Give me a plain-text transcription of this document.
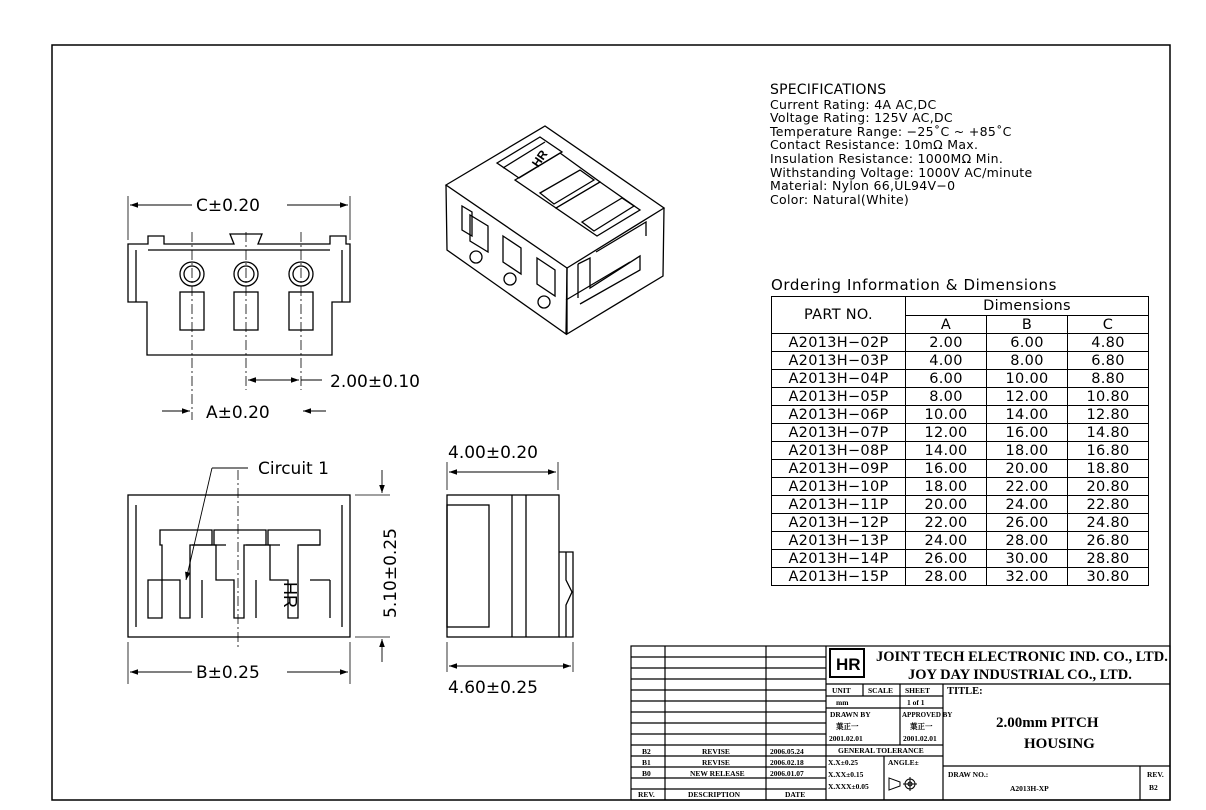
HR
HR
C±0.20
2.00±0.10
A±0.20
Circuit 1
B±0.25
5.10±0.25
4.00±0.20
4.60±0.25
HR JOINT TECH ELECTRONIC IND. CO., LTD.
JOY DAY INDUSTRIAL CO., LTD.
UNIT SCALE SHEET
mm	1 of 1
DRAWN BY	APPROVED BY
葉正一	葉正一
2001.02.01	2001.02.01
GENERAL TOLERANCE
X.X±0.25
X.XX±0.15
X.XXX±0.05
ANGLE±
DRAW NO.:
A2013H-XP
REV.
B2
B2	REVISE	2006.05.24
B1	REVISE	2006.02.18
B0	NEW RELEASE	2006.01.07
REV.	DESCRIPTION	DATE
TITLE:
2.00mm PITCH
HOUSING
SPECIFICATIONS
Current Rating: 4A AC,DC
Voltage Rating: 125V AC,DC
Temperature Range: −25˚C ~ +85˚C
Contact Resistance: 10mΩ Max.
Insulation Resistance: 1000MΩ Min.
Withstanding Voltage: 1000V AC/minute
Material: Nylon 66,UL94V−0
Color: Natural(White)
Ordering Information & Dimensions
PART NO.	Dimensions		
	A	B	C
A2013H−02P	2.00	6.00	4.80
A2013H−03P	4.00	8.00	6.80
A2013H−04P	6.00	10.00	8.80
A2013H−05P	8.00	12.00	10.80
A2013H−06P	10.00	14.00	12.80
A2013H−07P	12.00	16.00	14.80
A2013H−08P	14.00	18.00	16.80
A2013H−09P	16.00	20.00	18.80
A2013H−10P	18.00	22.00	20.80
A2013H−11P	20.00	24.00	22.80
A2013H−12P	22.00	26.00	24.80
A2013H−13P	24.00	28.00	26.80
A2013H−14P	26.00	30.00	28.80
A2013H−15P	28.00	32.00	30.80
